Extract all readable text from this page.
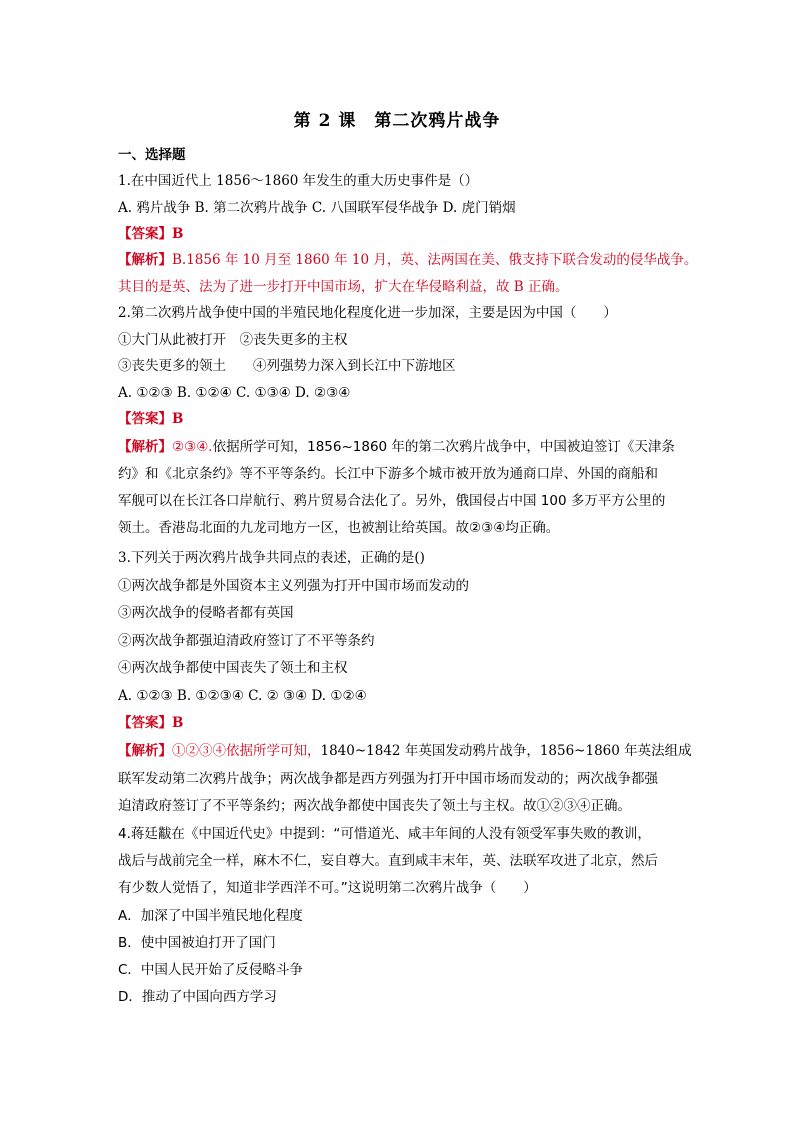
第 2 课　第二次鸦片战争
一、选择题
1.在中国近代上 1856～1860 年发生的重大历史事件是（）
A. 鸦片战争 B. 第二次鸦片战争 C. 八国联军侵华战争 D. 虎门销烟
【答案】B
【解析】B.1856 年 10 月至 1860 年 10 月，英、法两国在美、俄支持下联合发动的侵华战争。
其目的是英、法为了进一步打开中国市场，扩大在华侵略利益，故 B 正确。
2.第二次鸦片战争使中国的半殖民地化程度化进一步加深，主要是因为中国（　　）
①大门从此被打开　②丧失更多的主权
③丧失更多的领土　　④列强势力深入到长江中下游地区
A. ①②③ B. ①②④ C. ①③④ D. ②③④
【答案】B
【解析】②③④.依据所学可知，1856~1860 年的第二次鸦片战争中，中国被迫签订《天津条
约》和《北京条约》等不平等条约。长江中下游多个城市被开放为通商口岸、外国的商船和
军舰可以在长江各口岸航行、鸦片贸易合法化了。另外，俄国侵占中国 100 多万平方公里的
领土。香港岛北面的九龙司地方一区，也被割让给英国。故②③④均正确。
3.下列关于两次鸦片战争共同点的表述，正确的是()
①两次战争都是外国资本主义列强为打开中国市场而发动的
③两次战争的侵略者都有英国
②两次战争都强迫清政府签订了不平等条约
④两次战争都使中国丧失了领土和主权
A. ①②③ B. ①②③④ C. ② ③④ D. ①②④
【答案】B
【解析】①②③④依据所学可知，1840~1842 年英国发动鸦片战争，1856~1860 年英法组成
联军发动第二次鸦片战争；两次战争都是西方列强为打开中国市场而发动的；两次战争都强
迫清政府签订了不平等条约；两次战争都使中国丧失了领土与主权。故①②③④正确。
4.蒋廷黻在《中国近代史》中提到：“可惜道光、咸丰年间的人没有领受军事失败的教训，
战后与战前完全一样，麻木不仁，妄自尊大。直到咸丰末年，英、法联军攻进了北京，然后
有少数人觉悟了，知道非学西洋不可。”这说明第二次鸦片战争（　　）
A．加深了中国半殖民地化程度
B．使中国被迫打开了国门
C．中国人民开始了反侵略斗争
D．推动了中国向西方学习
